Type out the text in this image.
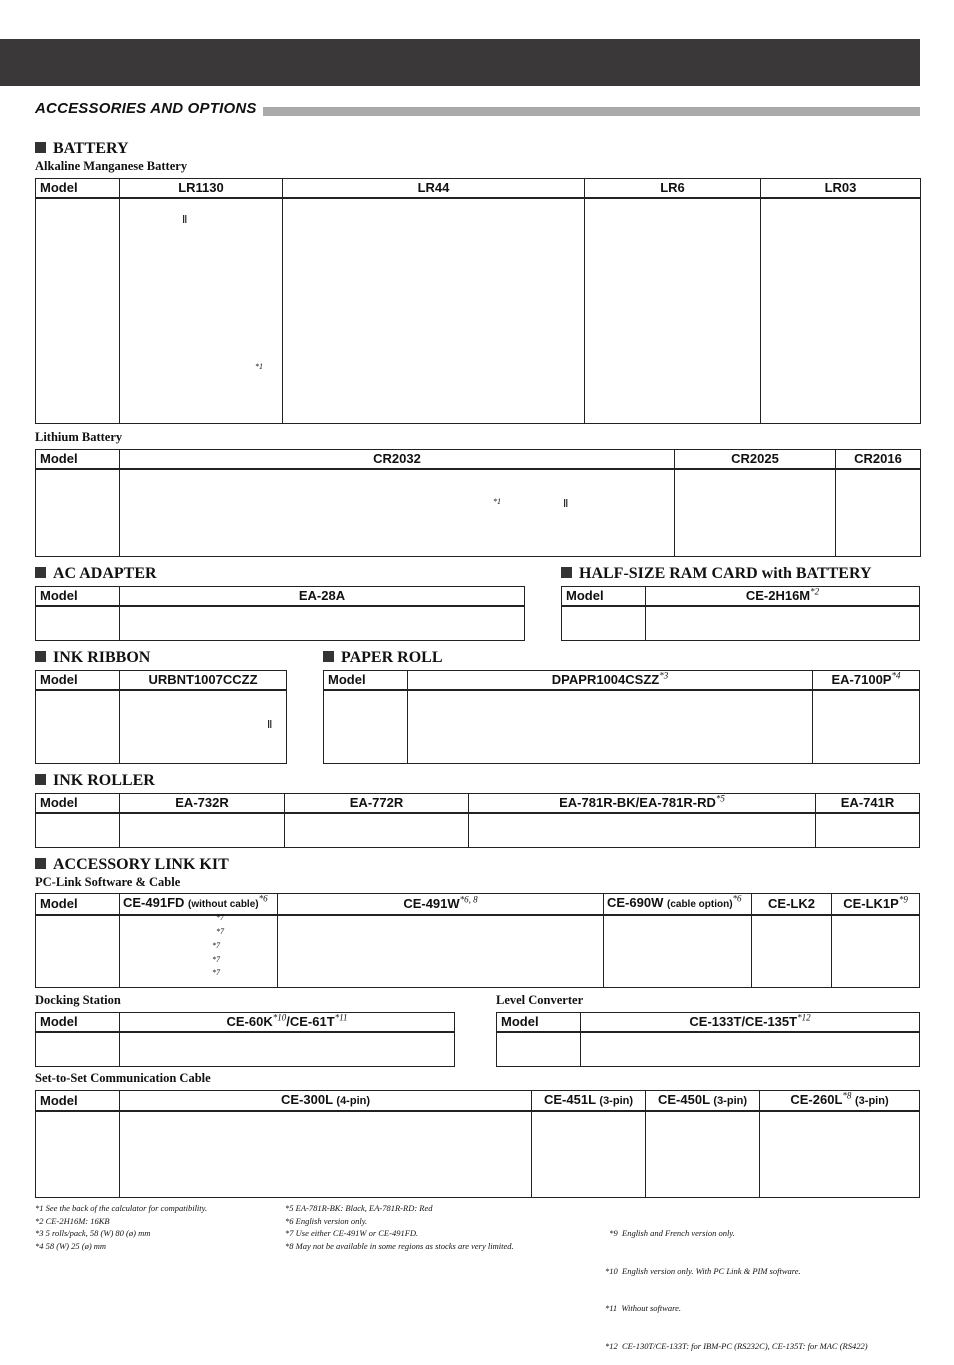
ACCESSORIES AND OPTIONS
BATTERY
Alkaline Manganese Battery
Model	LR1130	LR44	LR6	LR03

Ⅱ
*1
Lithium Battery
Model	CR2032	CR2025	CR2016

*1	Ⅱ
AC ADAPTER
Model	EA-28A

HALF-SIZE RAM CARD with BATTERY
Model	CE-2H16M$^{*2}$

INK RIBBON
Model	URBNT1007CCZZ

Ⅱ
PAPER ROLL
Model	DPAPR1004CSZZ$^{*3}$	EA-7100P$^{*4}$

INK ROLLER
Model	EA-732R	EA-772R	EA-781R-BK/EA-781R-RD$^{*5}$	EA-741R

ACCESSORY LINK KIT
PC-Link Software & Cable
Model	CE-491FD (without cable)$^{*6}$	CE-491W$^{*6, 8}$	CE-690W (cable option)$^{*6}$	CE-LK2	CE-LK1P$^{*9}$

*7
*7
*7
*7
*7
Docking Station
Model	CE-60K$^{*10}$/CE-61T$^{*11}$

Level Converter
Model	CE-133T/CE-135T$^{*12}$

Set-to-Set Communication Cable
Model	CE-300L (4-pin)	CE-451L (3-pin)	CE-450L (3-pin)	CE-260L$^{*8}$ (3-pin)

*1 See the back of the calculator for compatibility.
*2 CE-2H16M: 16KB
*3 5 rolls/pack, 58 (W) 80 (ø) mm
*4 58 (W) 25 (ø) mm
*5 EA-781R-BK: Black, EA-781R-RD: Red
*6 English version only.
*7 Use either CE-491W or CE-491FD.
*8 May not be available in some regions as stocks are very limited.

*9  English and French version only.

*10  English version only. With PC Link & PIM software.

*11  Without software.

*12  CE-130T/CE-133T: for IBM-PC (RS232C), CE-135T: for MAC (RS422)
